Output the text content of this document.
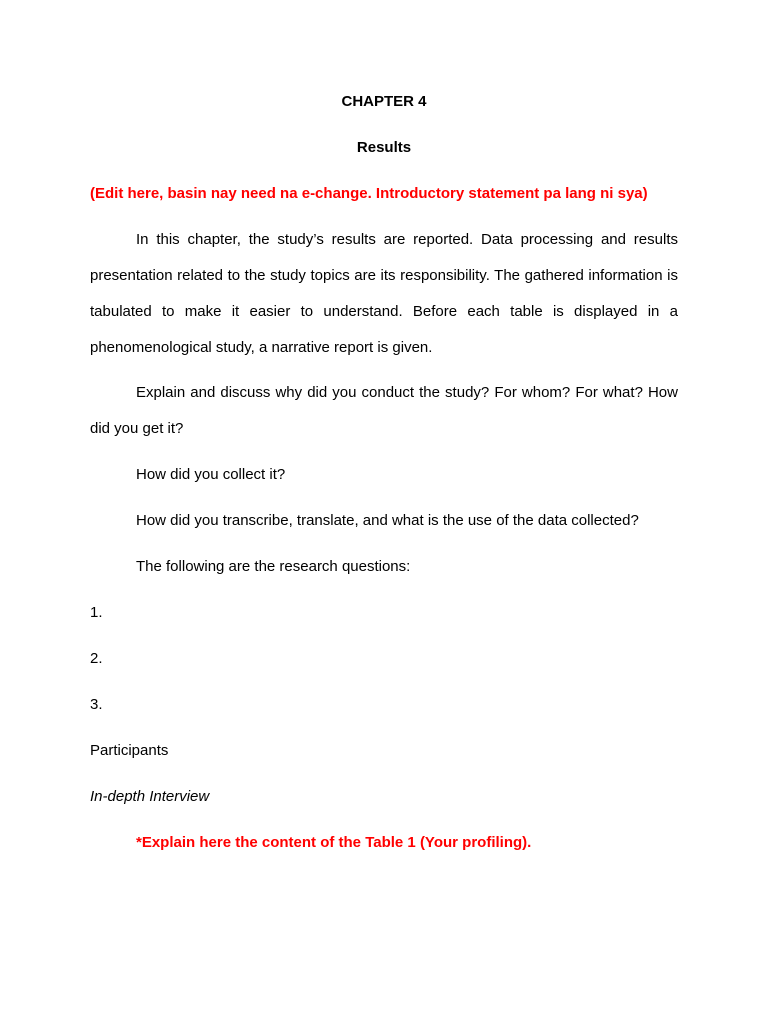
CHAPTER 4
Results
(Edit here, basin nay need na e-change. Introductory statement pa lang ni sya)
In this chapter, the study’s results are reported. Data processing and results
presentation related to the study topics are its responsibility. The gathered information is
tabulated to make it easier to understand. Before each table is displayed in a
phenomenological study, a narrative report is given.
Explain and discuss why did you conduct the study? For whom? For what? How
did you get it?
How did you collect it?
How did you transcribe, translate, and what is the use of the data collected?
The following are the research questions:
1.
2.
3.
Participants
In-depth Interview
*Explain here the content of the Table 1 (Your profiling).
